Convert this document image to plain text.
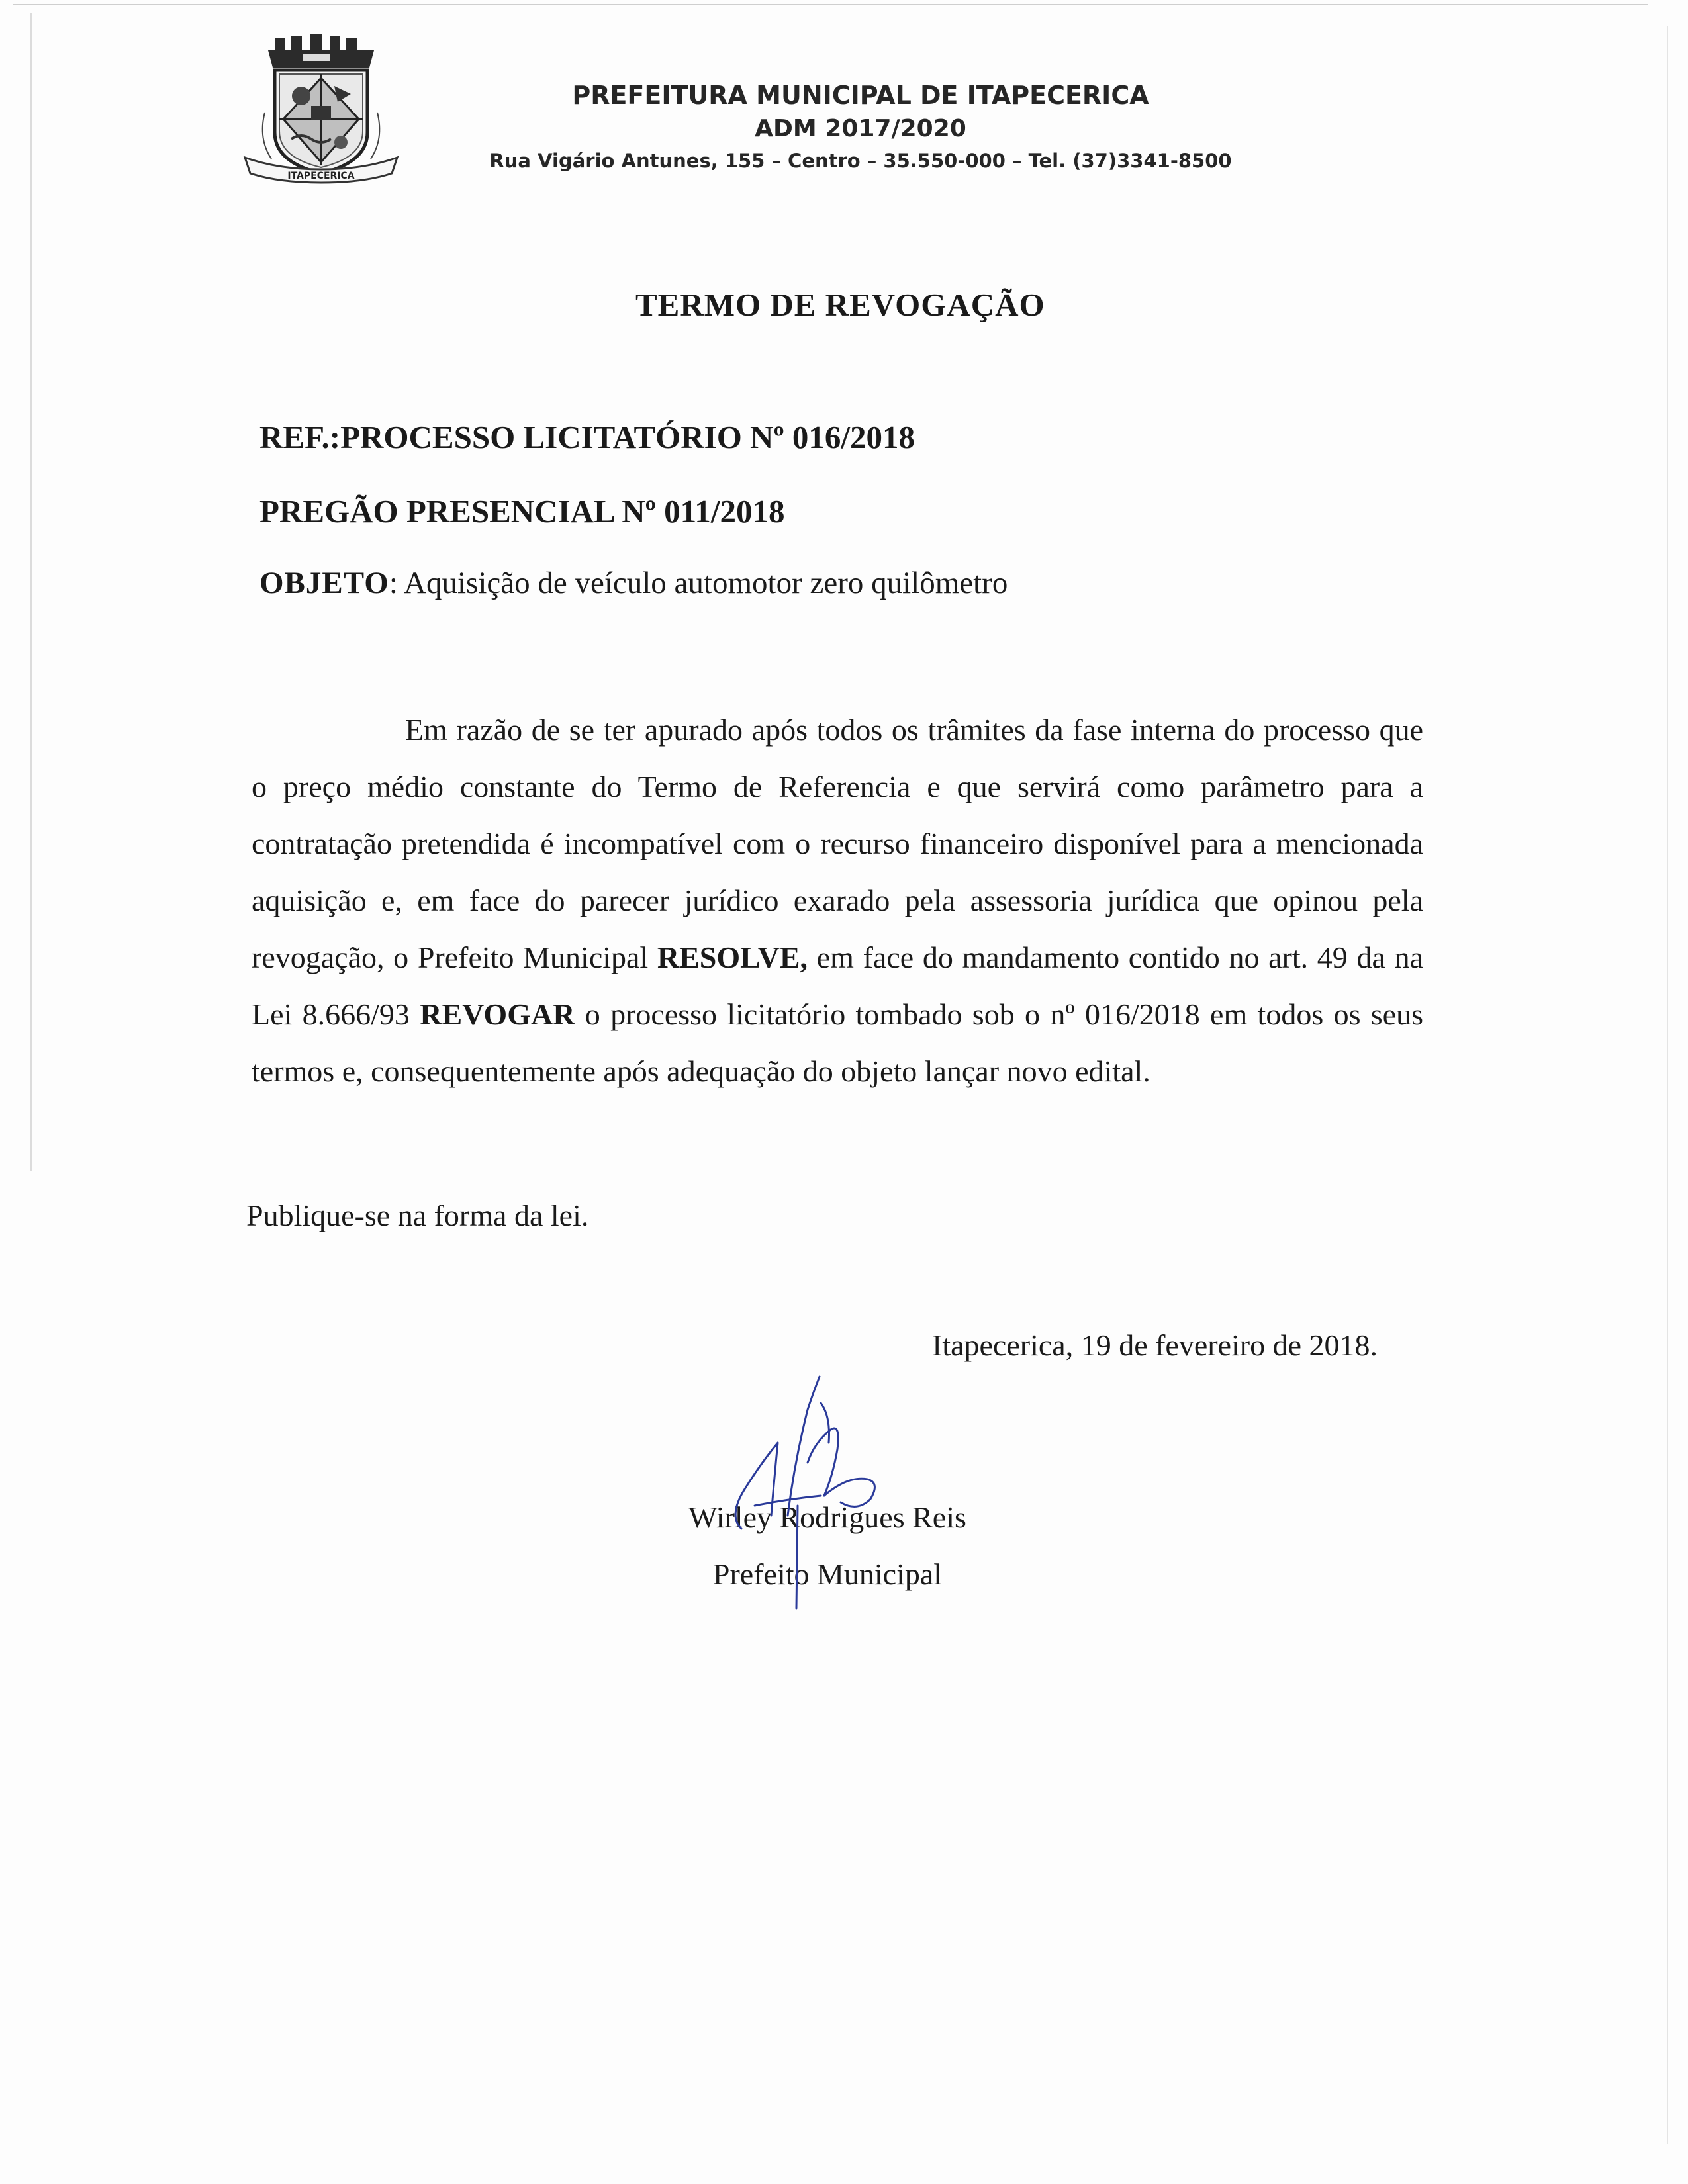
ITAPECERICA
PREFEITURA MUNICIPAL DE ITAPECERICA
ADM 2017/2020
Rua Vigário Antunes, 155 – Centro – 35.550-000 – Tel. (37)3341-8500
TERMO DE REVOGAÇÃO
REF.:PROCESSO LICITATÓRIO Nº 016/2018
PREGÃO PRESENCIAL Nº 011/2018
OBJETO: Aquisição de veículo automotor zero quilômetro

Em razão de se ter apurado após todos os trâmites da fase interna do processo que o preço médio constante do Termo de Referencia e que servirá como parâmetro para a contratação pretendida é incompatível com o recurso financeiro disponível para a mencionada aquisição e, em face do parecer jurídico exarado pela assessoria jurídica que opinou pela revogação, o Prefeito Municipal RESOLVE, em face do mandamento contido no art. 49 da na Lei 8.666/93 REVOGAR o processo licitatório tombado sob o nº 016/2018 em todos os seus termos e, consequentemente após adequação do objeto lançar novo edital.

Publique-se na forma da lei.
Itapecerica, 19 de fevereiro de 2018.
Wirley Rodrigues Reis
Prefeito Municipal
